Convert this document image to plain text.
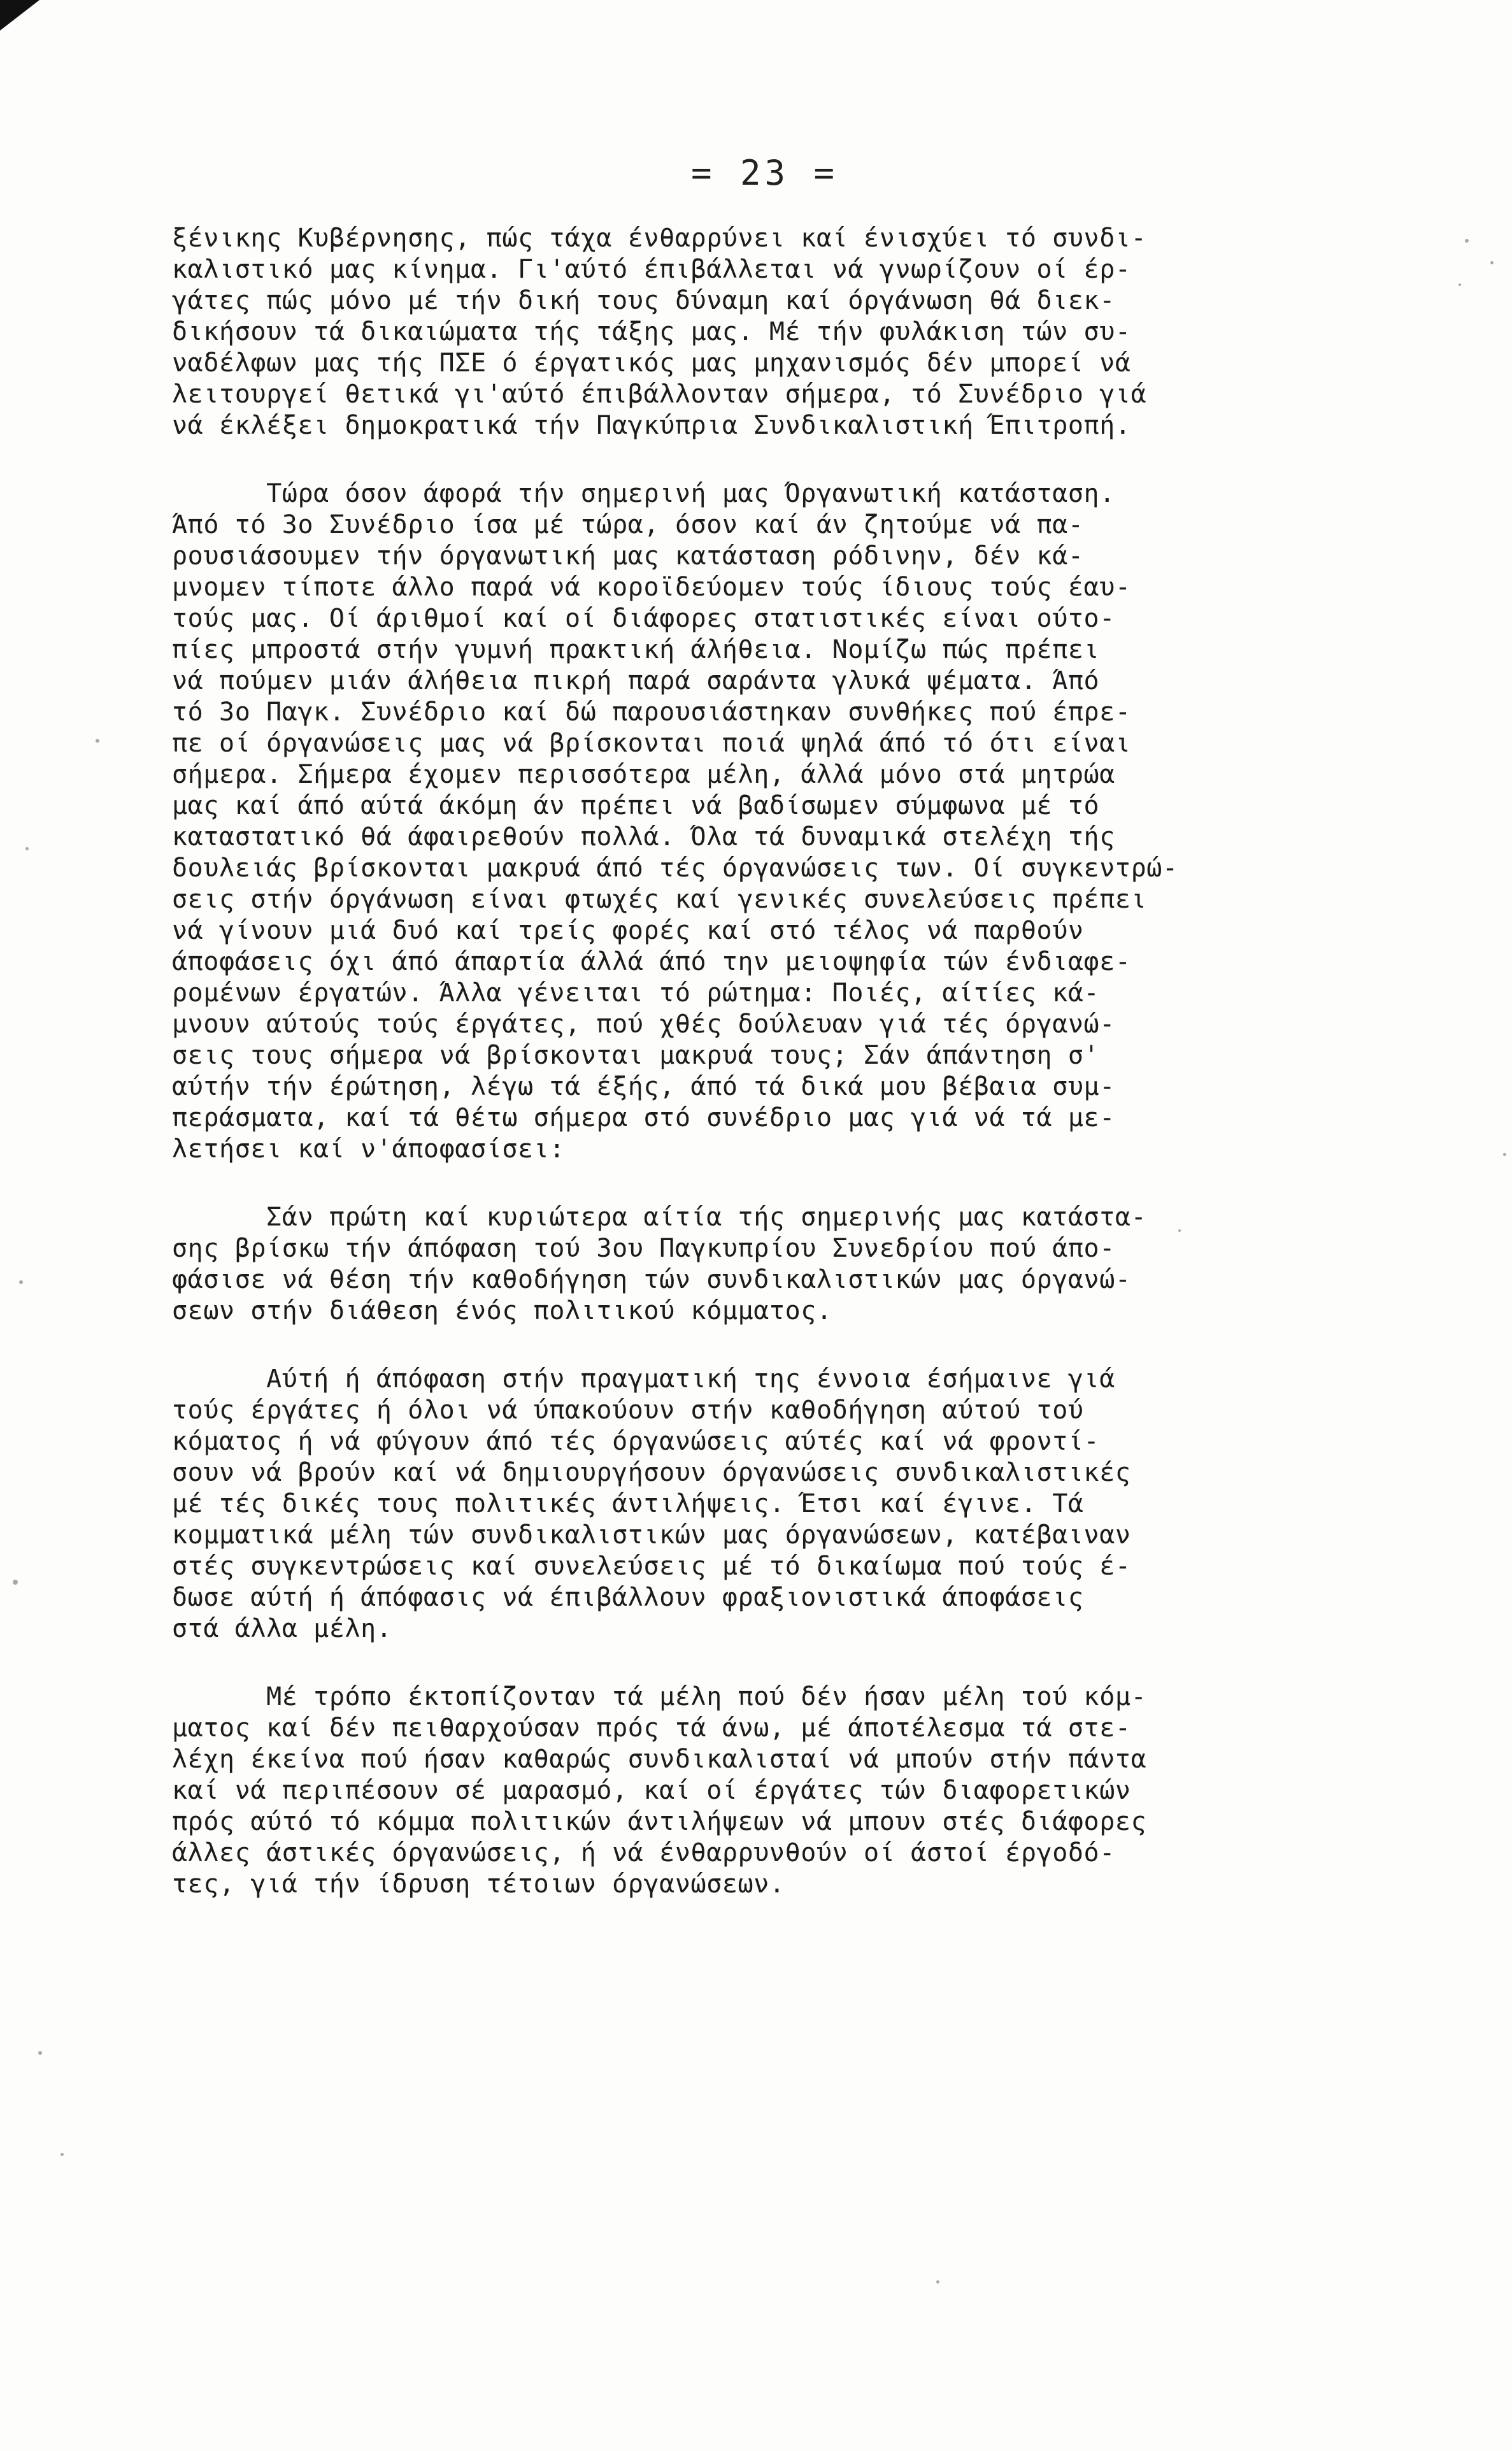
= 23 =
ξένικης Κυβέρνησης, πώς τάχα ένθαρρύνει καί ένισχύει τό συνδι-
καλιστικό μας κίνημα. Γι'αύτό έπιβάλλεται νά γνωρίζουν οί έρ-
γάτες πώς μόνο μέ τήν δική τους δύναμη καί όργάνωση θά διεκ-
δικήσουν τά δικαιώματα τής τάξης μας. Μέ τήν φυλάκιση τών συ-
ναδέλφων μας τής ΠΣΕ ό έργατικός μας μηχανισμός δέν μπορεί νά
λειτουργεί θετικά γι'αύτό έπιβάλλονταν σήμερα, τό Συνέδριο γιά
νά έκλέξει δημοκρατικά τήν Παγκύπρια Συνδικαλιστική Έπιτροπή.
Τώρα όσον άφορά τήν σημερινή μας Όργανωτική κατάσταση.
Άπό τό 3ο Συνέδριο ίσα μέ τώρα, όσον καί άν ζητούμε νά πα-
ρουσιάσουμεν τήν όργανωτική μας κατάσταση ρόδινην, δέν κά-
μνομεν τίποτε άλλο παρά νά κοροϊδεύομεν τούς ίδιους τούς έαυ-
τούς μας. Οί άριθμοί καί οί διάφορες στατιστικές είναι ούτο-
πίες μπροστά στήν γυμνή πρακτική άλήθεια. Νομίζω πώς πρέπει
νά πούμεν μιάν άλήθεια πικρή παρά σαράντα γλυκά ψέματα. Άπό
τό 3ο Παγκ. Συνέδριο καί δώ παρουσιάστηκαν συνθήκες πού έπρε-
πε οί όργανώσεις μας νά βρίσκονται ποιά ψηλά άπό τό ότι είναι
σήμερα. Σήμερα έχομεν περισσότερα μέλη, άλλά μόνο στά μητρώα
μας καί άπό αύτά άκόμη άν πρέπει νά βαδίσωμεν σύμφωνα μέ τό
καταστατικό θά άφαιρεθούν πολλά. Όλα τά δυναμικά στελέχη τής
δουλειάς βρίσκονται μακρυά άπό τές όργανώσεις των. Οί συγκεντρώ-
σεις στήν όργάνωση είναι φτωχές καί γενικές συνελεύσεις πρέπει
νά γίνουν μιά δυό καί τρείς φορές καί στό τέλος νά παρθούν
άποφάσεις όχι άπό άπαρτία άλλά άπό την μειοψηφία τών ένδιαφε-
ρομένων έργατών. Άλλα γένειται τό ρώτημα: Ποιές, αίτίες κά-
μνουν αύτούς τούς έργάτες, πού χθές δούλευαν γιά τές όργανώ-
σεις τους σήμερα νά βρίσκονται μακρυά τους; Σάν άπάντηση σ'
αύτήν τήν έρώτηση, λέγω τά έξής, άπό τά δικά μου βέβαια συμ-
περάσματα, καί τά θέτω σήμερα στό συνέδριο μας γιά νά τά με-
λετήσει καί ν'άποφασίσει:
Σάν πρώτη καί κυριώτερα αίτία τής σημερινής μας κατάστα-
σης βρίσκω τήν άπόφαση τού 3ου Παγκυπρίου Συνεδρίου πού άπο-
φάσισε νά θέση τήν καθοδήγηση τών συνδικαλιστικών μας όργανώ-
σεων στήν διάθεση ένός πολιτικού κόμματος.
Αύτή ή άπόφαση στήν πραγματική της έννοια έσήμαινε γιά
τούς έργάτες ή όλοι νά ύπακούουν στήν καθοδήγηση αύτού τού
κόματος ή νά φύγουν άπό τές όργανώσεις αύτές καί νά φροντί-
σουν νά βρούν καί νά δημιουργήσουν όργανώσεις συνδικαλιστικές
μέ τές δικές τους πολιτικές άντιλήψεις. Έτσι καί έγινε. Τά
κομματικά μέλη τών συνδικαλιστικών μας όργανώσεων, κατέβαιναν
στές συγκεντρώσεις καί συνελεύσεις μέ τό δικαίωμα πού τούς έ-
δωσε αύτή ή άπόφασις νά έπιβάλλουν φραξιονιστικά άποφάσεις
στά άλλα μέλη.
Μέ τρόπο έκτοπίζονταν τά μέλη πού δέν ήσαν μέλη τού κόμ-
ματος καί δέν πειθαρχούσαν πρός τά άνω, μέ άποτέλεσμα τά στε-
λέχη έκείνα πού ήσαν καθαρώς συνδικαλισταί νά μπούν στήν πάντα
καί νά περιπέσουν σέ μαρασμό, καί οί έργάτες τών διαφορετικών
πρός αύτό τό κόμμα πολιτικών άντιλήψεων νά μπουν στές διάφορες
άλλες άστικές όργανώσεις, ή νά ένθαρρυνθούν οί άστοί έργοδό-
τες, γιά τήν ίδρυση τέτοιων όργανώσεων.
